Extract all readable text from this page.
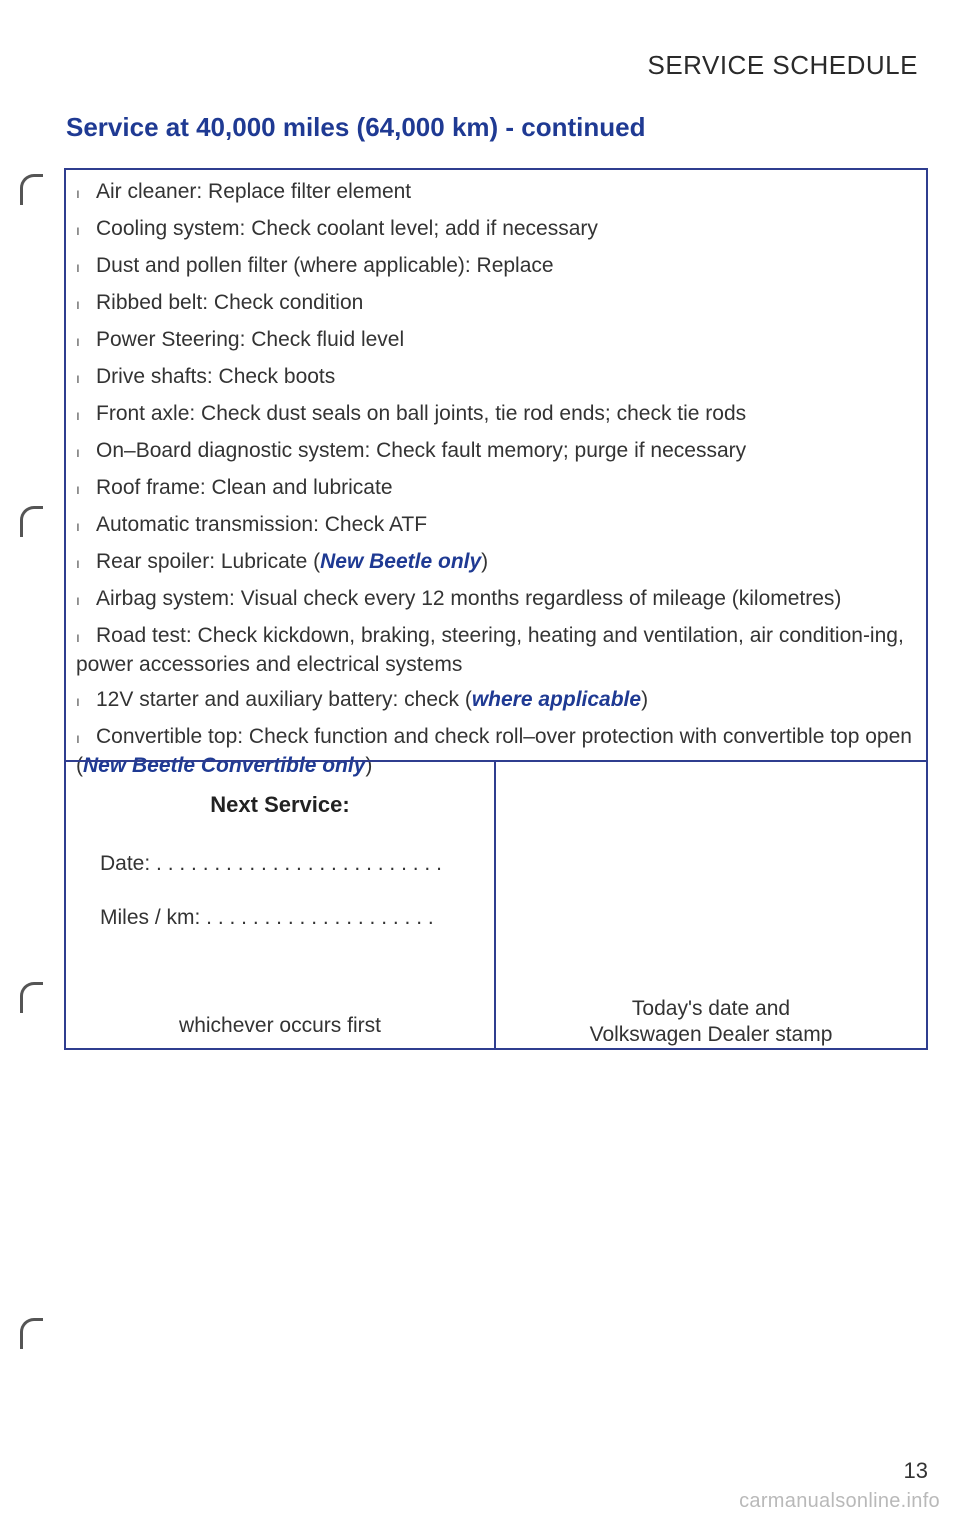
SERVICE SCHEDULE
Service at 40,000 miles (64,000 km) - continued
ı Air cleaner: Replace filter element
ı Cooling system: Check coolant level; add if necessary
ı Dust and pollen filter (where applicable): Replace
ı Ribbed belt: Check condition
ı Power Steering: Check fluid level
ı Drive shafts: Check boots
ı Front axle: Check dust seals on ball joints, tie rod ends; check tie rods
ı On–Board diagnostic system: Check fault memory; purge if necessary
ı Roof frame: Clean and lubricate
ı Automatic transmission: Check ATF
ı Rear spoiler: Lubricate (New Beetle only)
ı Airbag system: Visual check every 12 months regardless of mileage (kilometres)
ı Road test: Check kickdown, braking, steering, heating and ventilation, air condition-ing, power accessories and electrical systems
ı 12V starter and auxiliary battery: check (where applicable)
ı Convertible top: Check function and check roll–over protection with convertible top open (New Beetle Convertible only)
Next Service:
Date: . . . . . . . . . . . . . . . . . . . . . . . . .
Miles / km: . . . . . . . . . . . . . . . . . . . .
whichever occurs first
Today's date and
Volkswagen Dealer stamp
13
carmanualsonline.info
